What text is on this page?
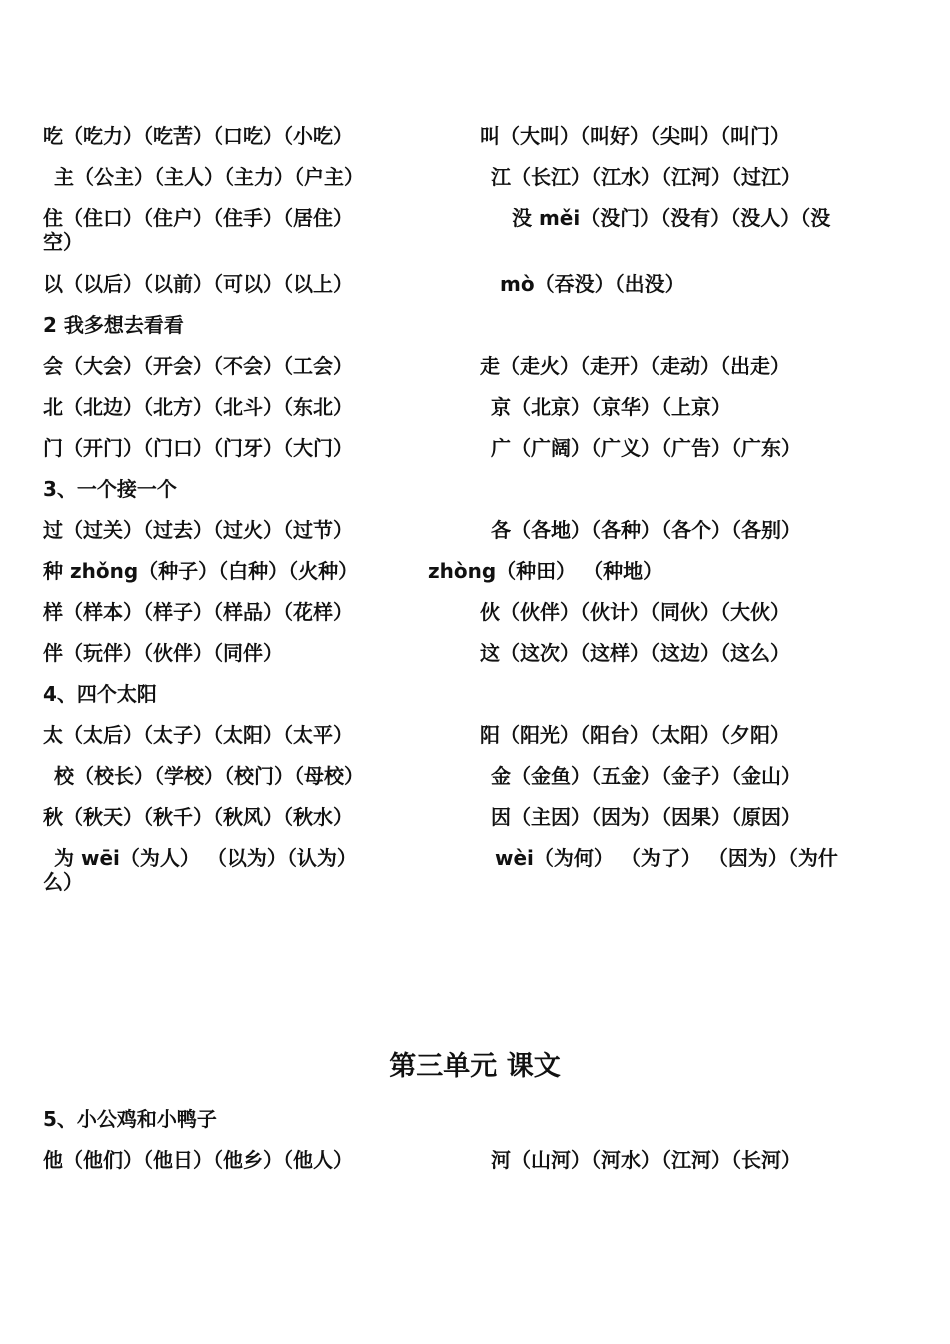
吃（吃力）（吃苦）（口吃）（小吃）	叫（大叫）（叫好）（尖叫）（叫门）
主（公主）（主人）（主力）（户主）	江（长江）（江水）（江河）（过江）
住（住口）（住户）（住手）（居住）	没 měi（没门）（没有）（没人）（没
空）
以（以后）（以前）（可以）（以上）	mò（吞没）（出没）
2 我多想去看看
会（大会）（开会）（不会）（工会）	走（走火）（走开）（走动）（出走）
北（北边）（北方）（北斗）（东北）	京（北京）（京华）（上京）
门（开门）（门口）（门牙）（大门）	广（广阔）（广义）（广告）（广东）
3、一个接一个
过（过关）（过去）（过火）（过节）	各（各地）（各种）（各个）（各别）
种 zhǒng（种子）（白种）（火种）	zhòng（种田） （种地）
样（样本）（样子）（样品）（花样）	伙（伙伴）（伙计）（同伙）（大伙）
伴（玩伴）（伙伴）（同伴）	这（这次）（这样）（这边）（这么）
4、四个太阳
太（太后）（太子）（太阳）（太平）	阳（阳光）（阳台）（太阳）（夕阳）
校（校长）（学校）（校门）（母校）	金（金鱼）（五金）（金子）（金山）
秋（秋天）（秋千）（秋风）（秋水）	因（主因）（因为）（因果）（原因）
为 wēi（为人） （以为）（认为）	wèi（为何） （为了） （因为）（为什
么）
第三单元 课文
5、小公鸡和小鸭子
他（他们）（他日）（他乡）（他人）	河（山河）（河水）（江河）（长河）
